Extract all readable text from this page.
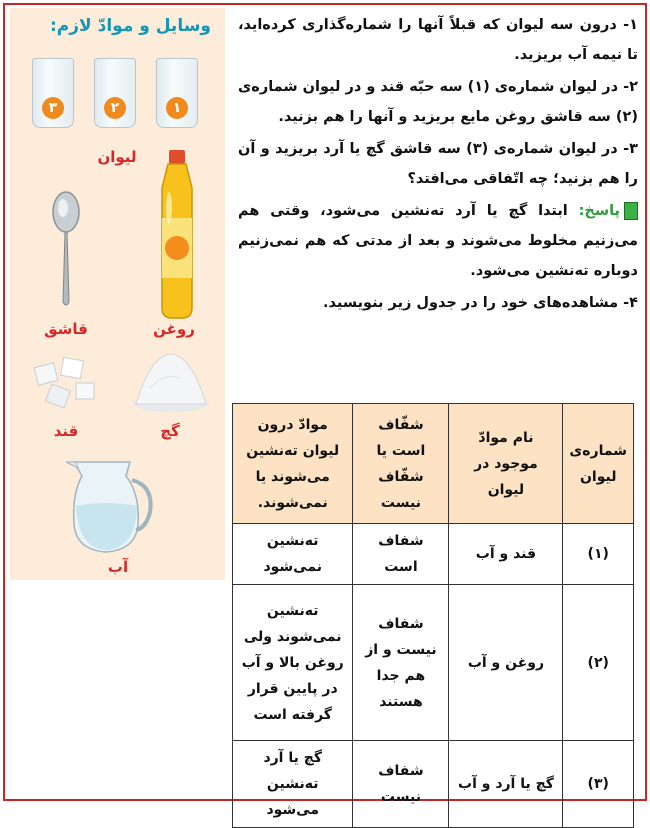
وسایل و موادّ لازم:
۱
۲
۳
لیوان
قاشق	روغن
قند	گچ
آب

۱- درون سه لیوان که قبلاً آنها را شماره‌گذاری کرده‌اید، تا نیمه آب بریزید.

۲- در لیوان شماره‌ی (۱) سه حبّه قند و در لیوان شماره‌ی (۲) سه قاشق روغن مایع بریزید و آنها را هم بزنید.

۳- در لیوان شماره‌ی (۳) سه قاشق گچ یا آرد بریزید و آن را هم بزنید؛ چه اتّفاقی می‌افتد؟

پاسخ: ابتدا گچ یا آرد ته‌نشین می‌شود، وقتی هم می‌زنیم مخلوط می‌شوند و بعد از مدتی که هم نمی‌زنیم دوباره ته‌نشین می‌شود.

۴- مشاهده‌های خود را در جدول زیر بنویسید.

شماره‌ی لیوان	نام موادّ موجود در لیوان	شفّاف است یا شفّاف نیست	موادّ درون لیوان ته‌نشین می‌شوند یا نمی‌شوند.
(۱)	قند و آب	شفاف است	ته‌نشین نمی‌شود
(۲)	روغن و آب	شفاف نیست و از هم جدا هستند	ته‌نشین نمی‌شوند ولی روغن بالا و آب در پایین قرار گرفته است
(۳)	گچ یا آرد و آب	شفاف نیست	گچ یا آرد ته‌نشین می‌شود
